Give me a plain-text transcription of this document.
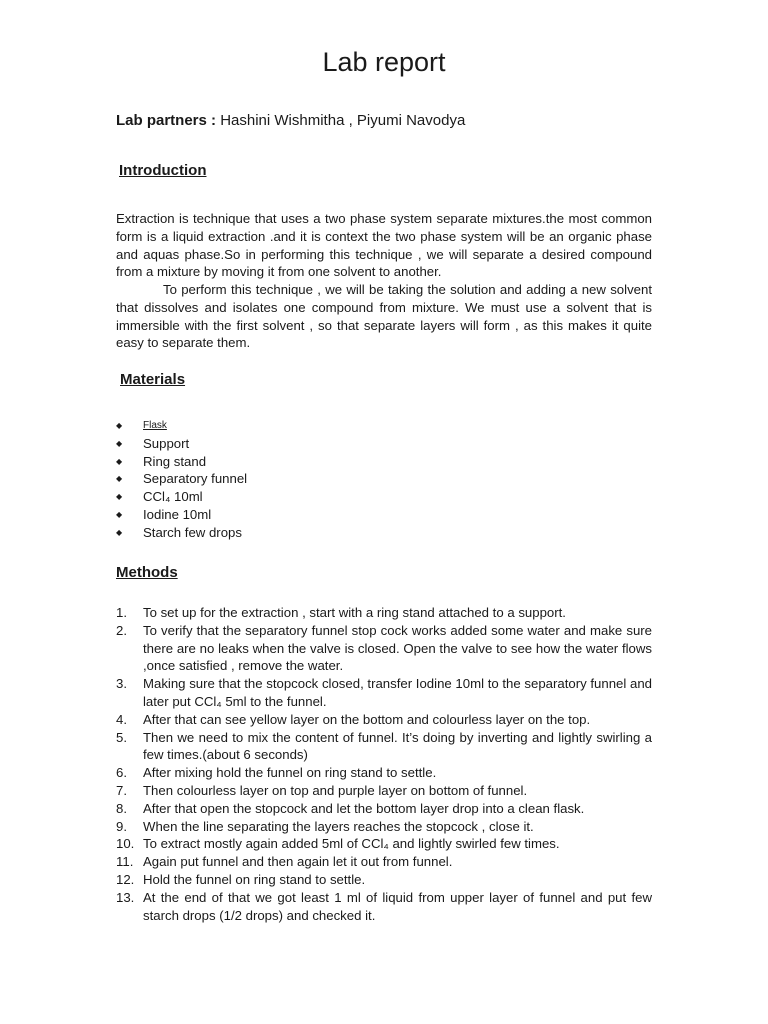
Lab report
Lab partners : Hashini Wishmitha , Piyumi Navodya
Introduction
Extraction is technique that uses a two phase system separate mixtures.the most common form is a liquid extraction .and it is context the two phase system will be an organic phase and aquas phase.So in performing this technique , we will separate a desired compound from a mixture by moving it from one solvent to another.
To perform this technique , we will be taking the solution and adding a new solvent that dissolves and isolates one compound from mixture. We must use a solvent that is immersible with the first solvent , so that separate layers will form , as this makes it quite easy to separate them.
Materials
◆ Flask
◆ Support
◆ Ring stand
◆ Separatory funnel
◆ CCl₄ 10ml
◆ Iodine 10ml
◆ Starch few drops
Methods
1. To set up for the extraction , start with a ring stand attached to a support.
2. To verify that the separatory funnel stop cock works added some water and make sure there are no leaks when the valve is closed. Open the valve to see how the water flows ,once satisfied , remove the water.
3. Making sure that the stopcock closed, transfer Iodine 10ml to the separatory funnel and later put CCl₄ 5ml to the funnel.
4. After that can see yellow layer on the bottom and colourless layer on the top.
5. Then we need to mix the content of funnel. It’s doing by inverting and lightly swirling a few times.(about 6 seconds)
6. After mixing hold the funnel on ring stand to settle.
7. Then colourless layer on top and purple layer on bottom of funnel.
8. After that open the stopcock and let the bottom layer drop into a clean flask.
9. When the line separating the layers reaches the stopcock , close it.
10. To extract mostly again added 5ml of CCl₄ and lightly swirled few times.
11. Again put funnel and then again let it out from funnel.
12. Hold the funnel on ring stand to settle.
13. At the end of that we got least 1 ml of liquid from upper layer of funnel and put few starch drops (1/2 drops) and checked it.
